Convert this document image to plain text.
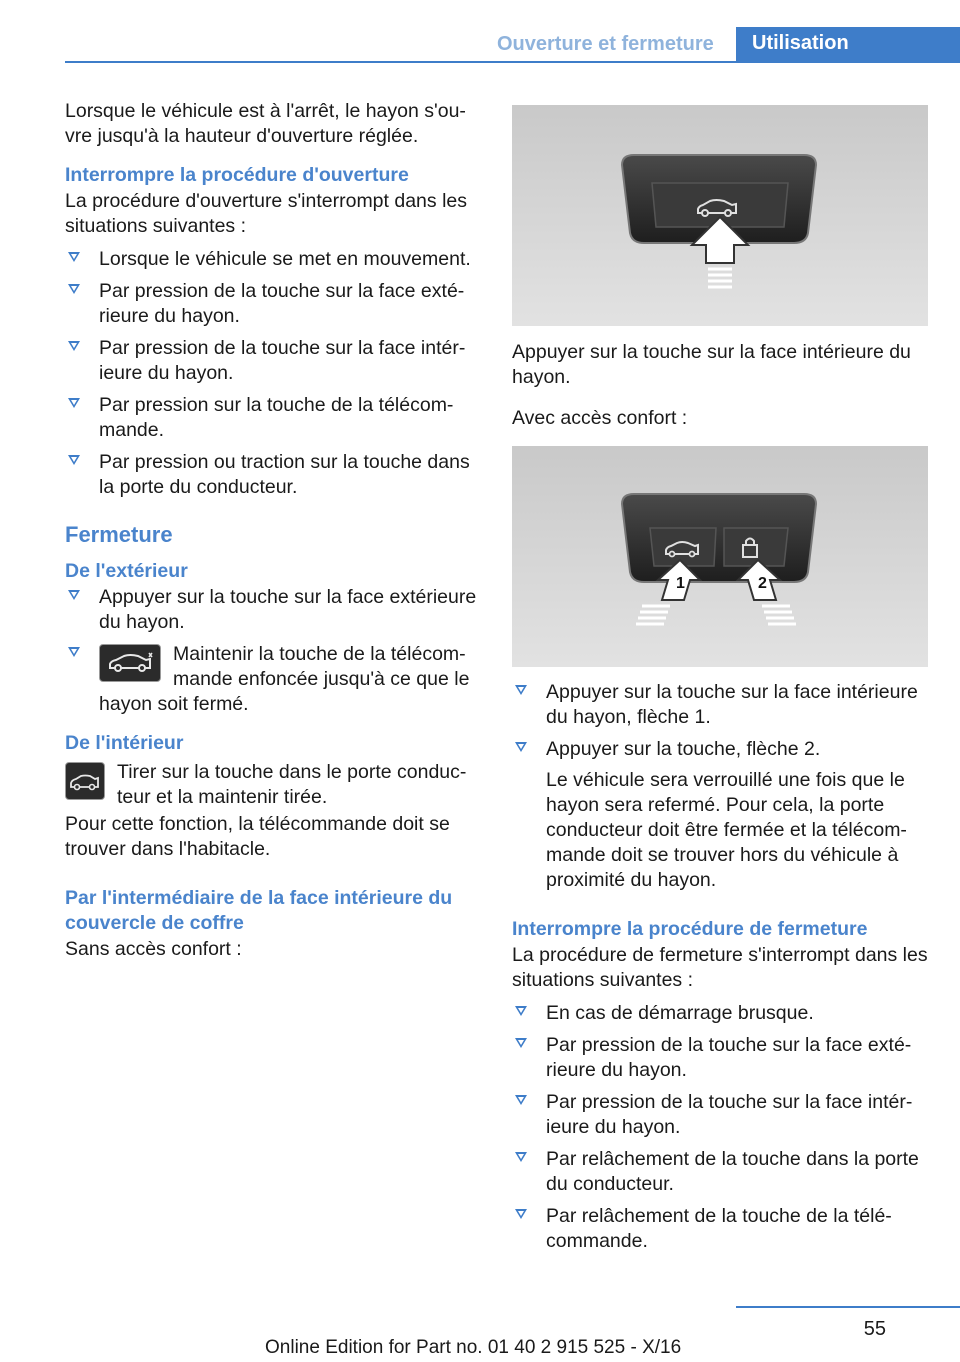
Ouverture et fermeture	Utilisation

Lorsque le véhicule est à l'arrêt, le hayon s'ou‐vre jusqu'à la hauteur d'ouverture réglée.

Interrompre la procédure d'ouverture

La procédure d'ouverture s'interrompt dans les situations suivantes :

Lorsque le véhicule se met en mouvement.
Par pression de la touche sur la face exté‐rieure du hayon.
Par pression de la touche sur la face intér‐ieure du hayon.
Par pression sur la touche de la télécom‐mande.
Par pression ou traction sur la touche dans la porte du conducteur.
Fermeture
De l'extérieur
Appuyer sur la touche sur la face extérieure du hayon.
Maintenir la touche de la télécom‐mande enfoncée jusqu'à ce que le hayon soit fermé.
De l'intérieur
Tirer sur la touche dans le porte conduc‐teur et la maintenir tirée.

Pour cette fonction, la télécommande doit se trouver dans l'habitacle.

Par l'intermédiaire de la face intérieure du couvercle de coffre

Sans accès confort :

Appuyer sur la touche sur la face intérieure du hayon.

Avec accès confort :

1	2
Appuyer sur la touche sur la face intérieure du hayon, flèche 1.
Appuyer sur la touche, flèche 2.

Le véhicule sera verrouillé une fois que le hayon sera refermé. Pour cela, la porte conducteur doit être fermée et la télécom‐mande doit se trouver hors du véhicule à proximité du hayon.

Interrompre la procédure de fermeture

La procédure de fermeture s'interrompt dans les situations suivantes :

En cas de démarrage brusque.
Par pression de la touche sur la face exté‐rieure du hayon.
Par pression de la touche sur la face intér‐ieure du hayon.
Par relâchement de la touche dans la porte du conducteur.
Par relâchement de la touche de la télé‐commande.
55
Online Edition for Part no. 01 40 2 915 525 - X/16
